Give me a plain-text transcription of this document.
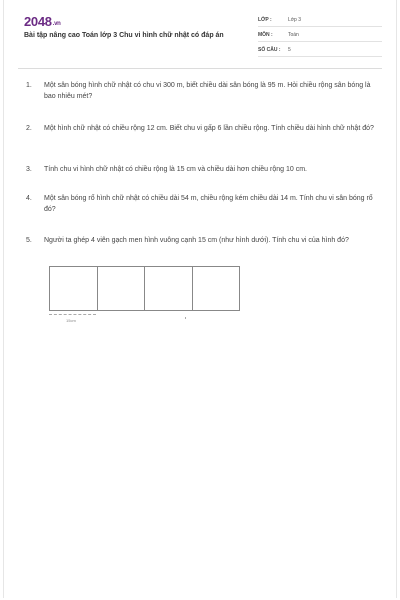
2048.vn
Bài tập nâng cao Toán lớp 3 Chu vi hình chữ nhật có đáp án
LỚP :	Lớp 3
MÔN :	Toán
SỐ CÂU : 5
1. Một sân bóng hình chữ nhật có chu vi 300 m, biết chiều dài sân bóng là 95 m. Hỏi chiều rộng sân bóng là bao nhiêu mét?
2. Một hình chữ nhật có chiều rộng 12 cm. Biết chu vi gấp 6 lần chiều rộng. Tính chiều dài hình chữ nhật đó?
3. Tính chu vi hình chữ nhật có chiều rộng là 15 cm và chiều dài hơn chiều rộng 10 cm.
4. Một sân bóng rổ hình chữ nhật có chiều dài 54 m, chiều rộng kém chiều dài 14 m. Tính chu vi sân bóng rổ đó?
5. Người ta ghép 4 viên gạch men hình vuông cạnh 15 cm (như hình dưới). Tính chu vi của hình đó?
15cm
